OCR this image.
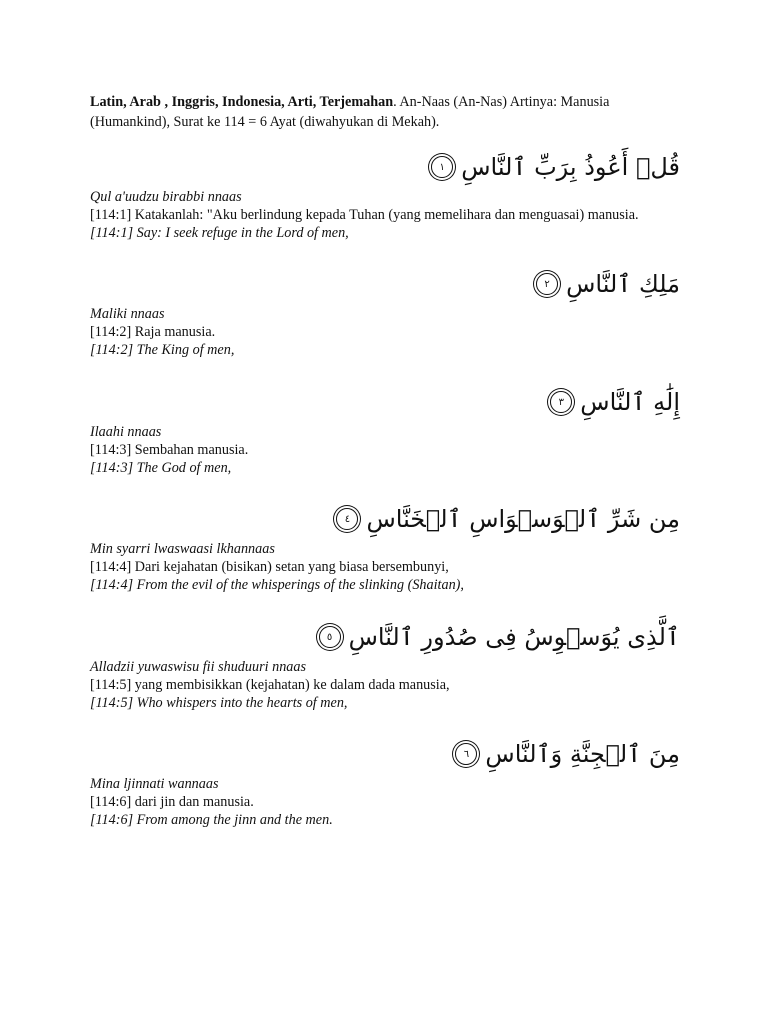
Latin, Arab , Inggris, Indonesia, Arti, Terjemahan. An-Naas (An-Nas) Artinya: Manusia (Humankind), Surat ke 114 = 6 Ayat (diwahyukan di Mekah).

قُلۡ أَعُوذُ بِرَبِّ ٱلنَّاسِ
١
Qul a'uudzu birabbi nnaas
[114:1] Katakanlah: "Aku berlindung kepada Tuhan (yang memelihara dan menguasai) manusia.
[114:1] Say: I seek refuge in the Lord of men,
مَلِكِ ٱلنَّاسِ
٢
Maliki nnaas
[114:2] Raja manusia.
[114:2] The King of men,
إِلَٰهِ ٱلنَّاسِ
٣
Ilaahi nnaas
[114:3] Sembahan manusia.
[114:3] The God of men,
مِن شَرِّ ٱلۡوَسۡوَاسِ ٱلۡخَنَّاسِ
٤
Min syarri lwaswaasi lkhannaas
[114:4] Dari kejahatan (bisikan) setan yang biasa bersembunyi,
[114:4] From the evil of the whisperings of the slinking (Shaitan),
ٱلَّذِى يُوَسۡوِسُ فِى صُدُورِ ٱلنَّاسِ
٥
Alladzii yuwaswisu fii shuduuri nnaas
[114:5] yang membisikkan (kejahatan) ke dalam dada manusia,
[114:5] Who whispers into the hearts of men,
مِنَ ٱلۡجِنَّةِ وَٱلنَّاسِ
٦
Mina ljinnati wannaas
[114:6] dari jin dan manusia.
[114:6] From among the jinn and the men.
